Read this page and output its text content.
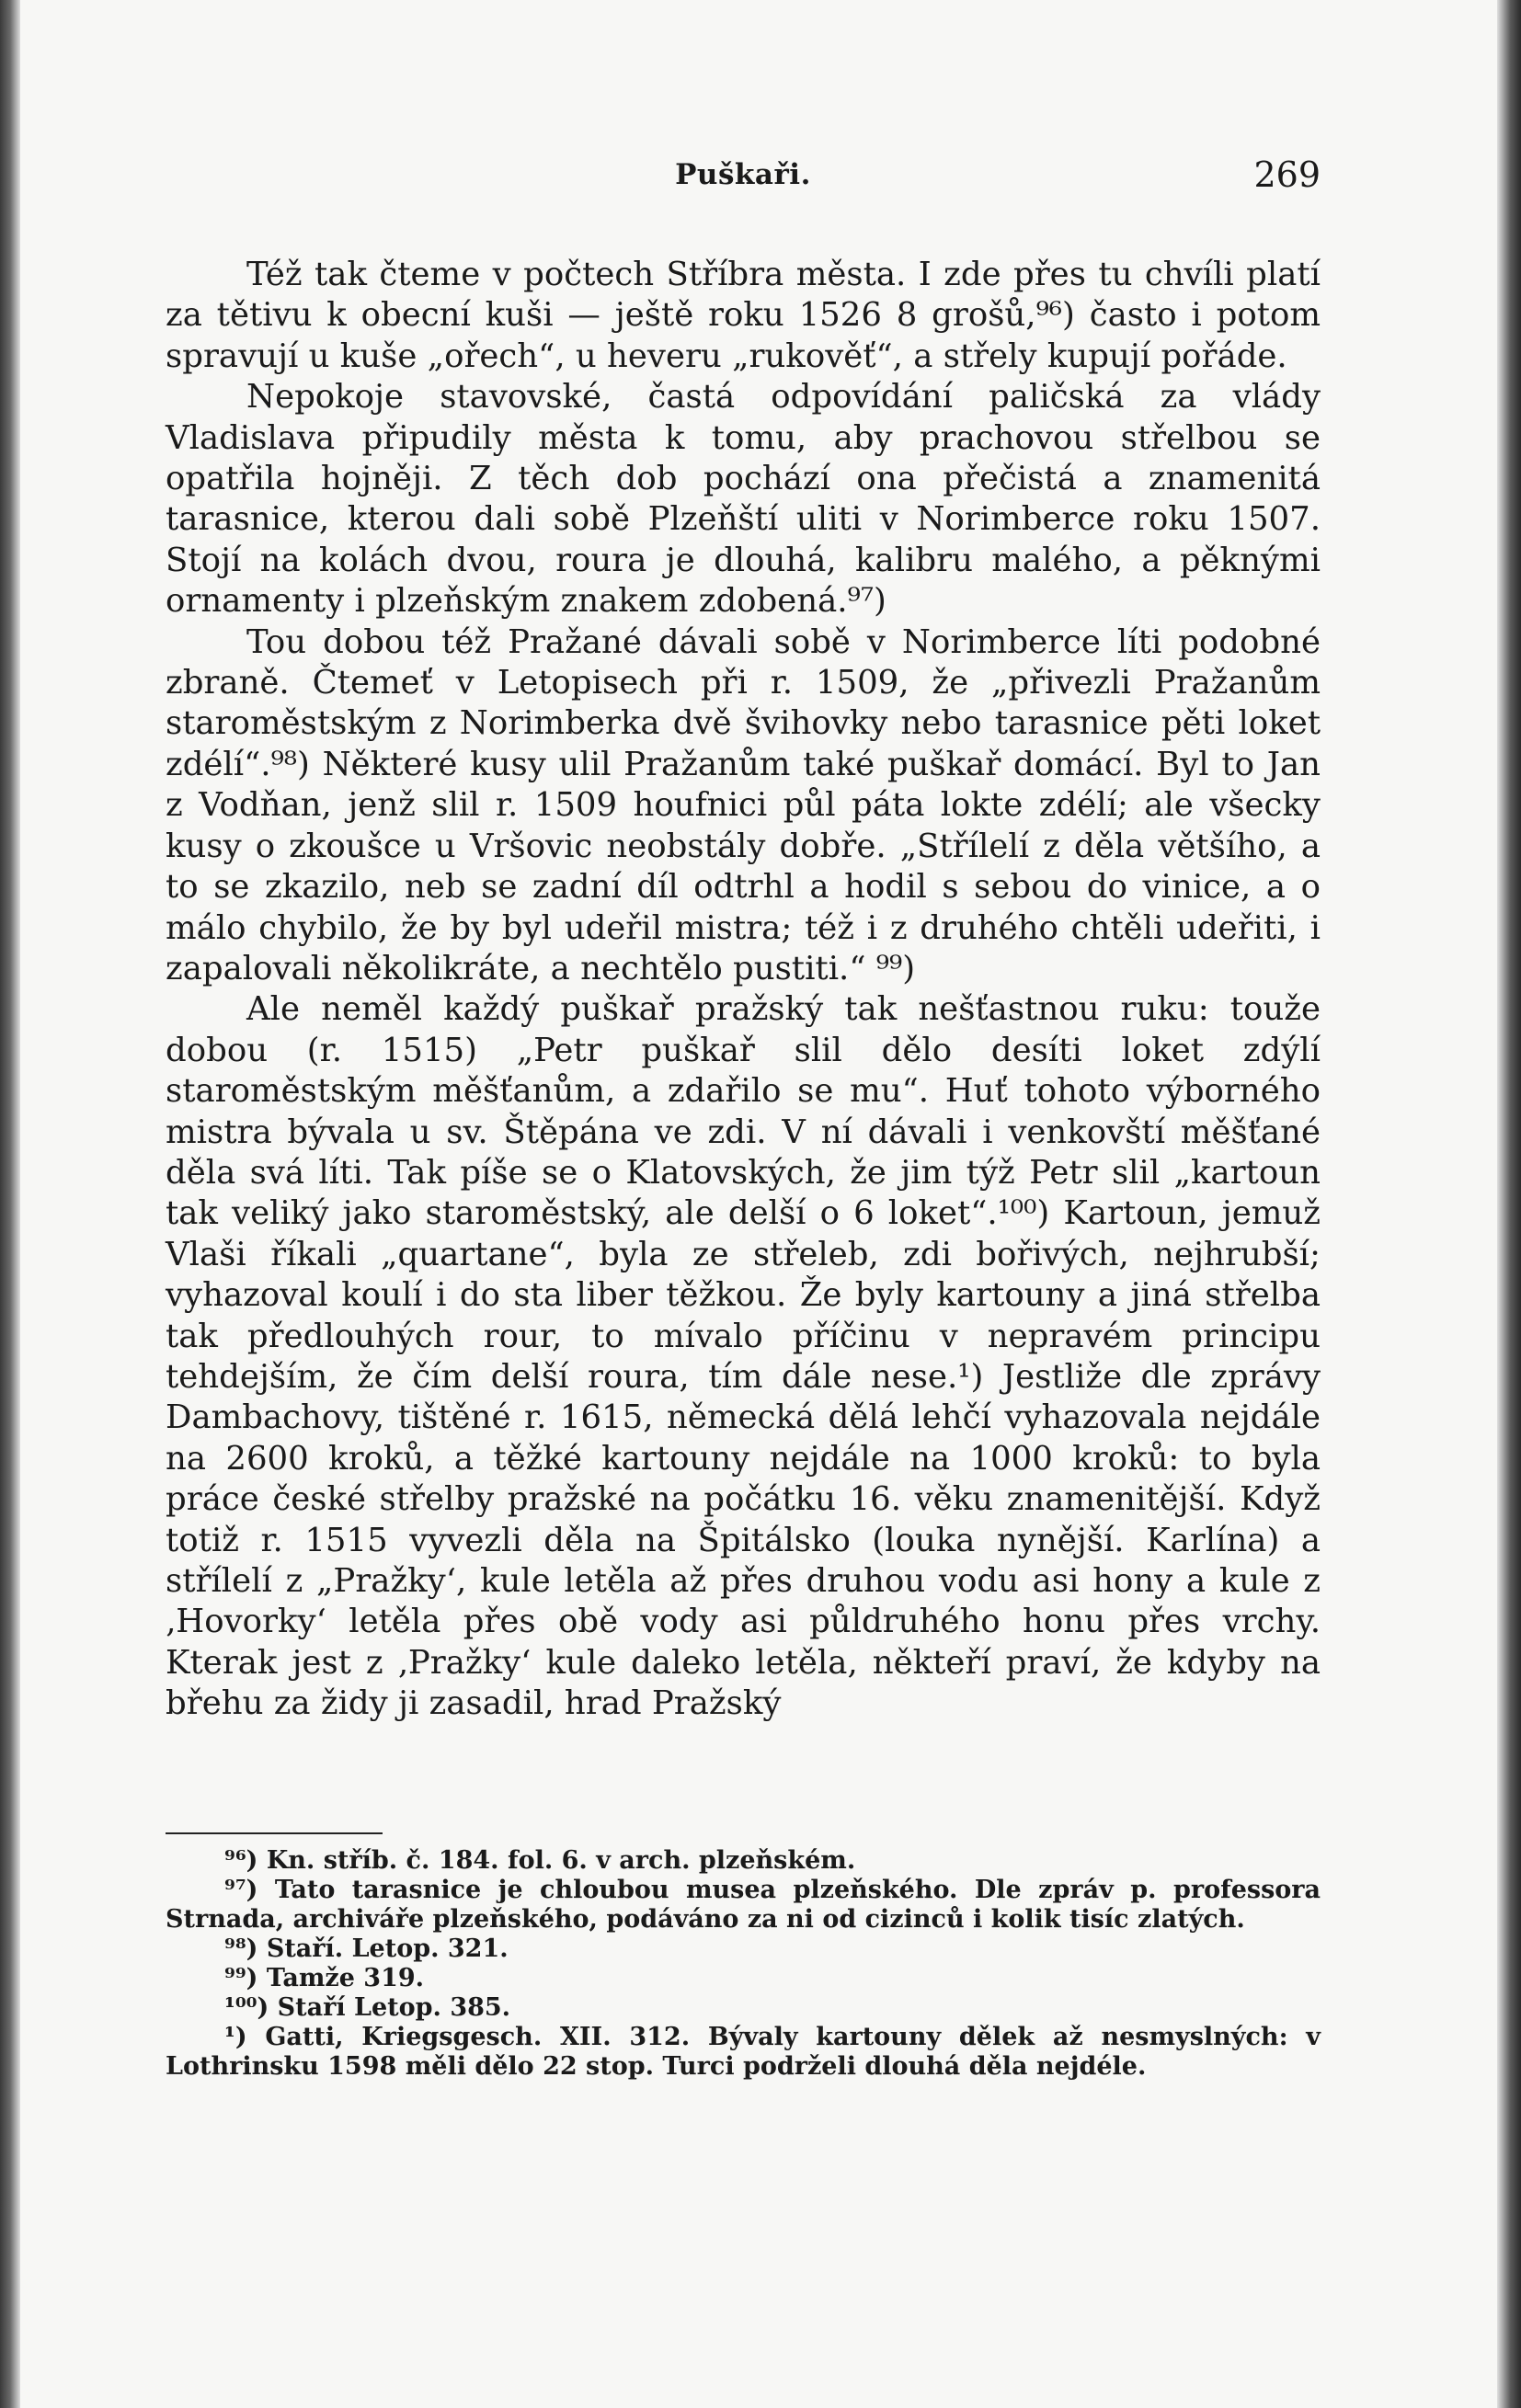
Puškaři.	269

Též tak čteme v počtech Stříbra města. I zde přes tu chvíli platí za tětivu k obecní kuši — ještě roku 1526 8 grošů,⁹⁶) často i potom spravují u kuše „ořech“, u heveru „rukověť“, a střely kupují pořáde.

Nepokoje stavovské, častá odpovídání paličská za vlády Vladislava připudily města k tomu, aby prachovou střelbou se opatřila hojněji. Z těch dob pochází ona přečistá a znamenitá tarasnice, kterou dali sobě Plzeňští uliti v Norimberce roku 1507. Stojí na kolách dvou, roura je dlouhá, kalibru malého, a pěknými ornamenty i plzeňským znakem zdobená.⁹⁷)

Tou dobou též Pražané dávali sobě v Norimberce líti podobné zbraně. Čtemeť v Letopisech při r. 1509, že „přivezli Pražanům staroměstským z Norimberka dvě švihovky nebo tarasnice pěti loket zdélí“.⁹⁸) Některé kusy ulil Pražanům také puškař domácí. Byl to Jan z Vodňan, jenž slil r. 1509 houfnici půl páta lokte zdélí; ale všecky kusy o zkoušce u Vršovic neobstály dobře. „Střílelí z děla většího, a to se zkazilo, neb se zadní díl odtrhl a hodil s sebou do vinice, a o málo chybilo, že by byl udeřil mistra; též i z druhého chtěli udeřiti, i zapalovali několikráte, a nechtělo pustiti.“ ⁹⁹)

Ale neměl každý puškař pražský tak nešťastnou ruku: touže dobou (r. 1515) „Petr puškař slil dělo desíti loket zdýlí staroměstským měšťanům, a zdařilo se mu“. Huť tohoto výborného mistra bývala u sv. Štěpána ve zdi. V ní dávali i venkovští měšťané děla svá líti. Tak píše se o Klatovských, že jim týž Petr slil „kartoun tak veliký jako staroměstský, ale delší o 6 loket“.¹⁰⁰) Kartoun, jemuž Vlaši říkali „quartane“, byla ze střeleb, zdi bořivých, nejhrubší; vyhazoval koulí i do sta liber těžkou. Že byly kartouny a jiná střelba tak předlouhých rour, to mívalo příčinu v nepravém principu tehdejším, že čím delší roura, tím dále nese.¹) Jestliže dle zprávy Dambachovy, tištěné r. 1615, německá dělá lehčí vyhazovala nejdále na 2600 kroků, a těžké kartouny nejdále na 1000 kroků: to byla práce české střelby pražské na počátku 16. věku znamenitější. Když totiž r. 1515 vyvezli děla na Špitálsko (louka nynější. Karlína) a střílelí z „Pražky‘, kule letěla až přes druhou vodu asi hony a kule z ‚Hovorky‘ letěla přes obě vody asi půldruhého honu přes vrchy. Kterak jest z ‚Pražky‘ kule daleko letěla, někteří praví, že kdyby na břehu za židy ji zasadil, hrad Pražský

⁹⁶) Kn. stříb. č. 184. fol. 6. v arch. plzeňském.

⁹⁷) Tato tarasnice je chloubou musea plzeňského. Dle zpráv p. professora Strnada, archiváře plzeňského, podáváno za ni od cizinců i kolik tisíc zlatých.

⁹⁸) Staří. Letop. 321.

⁹⁹) Tamže 319.

¹⁰⁰) Staří Letop. 385.

¹) Gatti, Kriegsgesch. XII. 312. Bývaly kartouny dělek až nesmyslných: v Lothrinsku 1598 měli dělo 22 stop. Turci podrželi dlouhá děla nejdéle.
